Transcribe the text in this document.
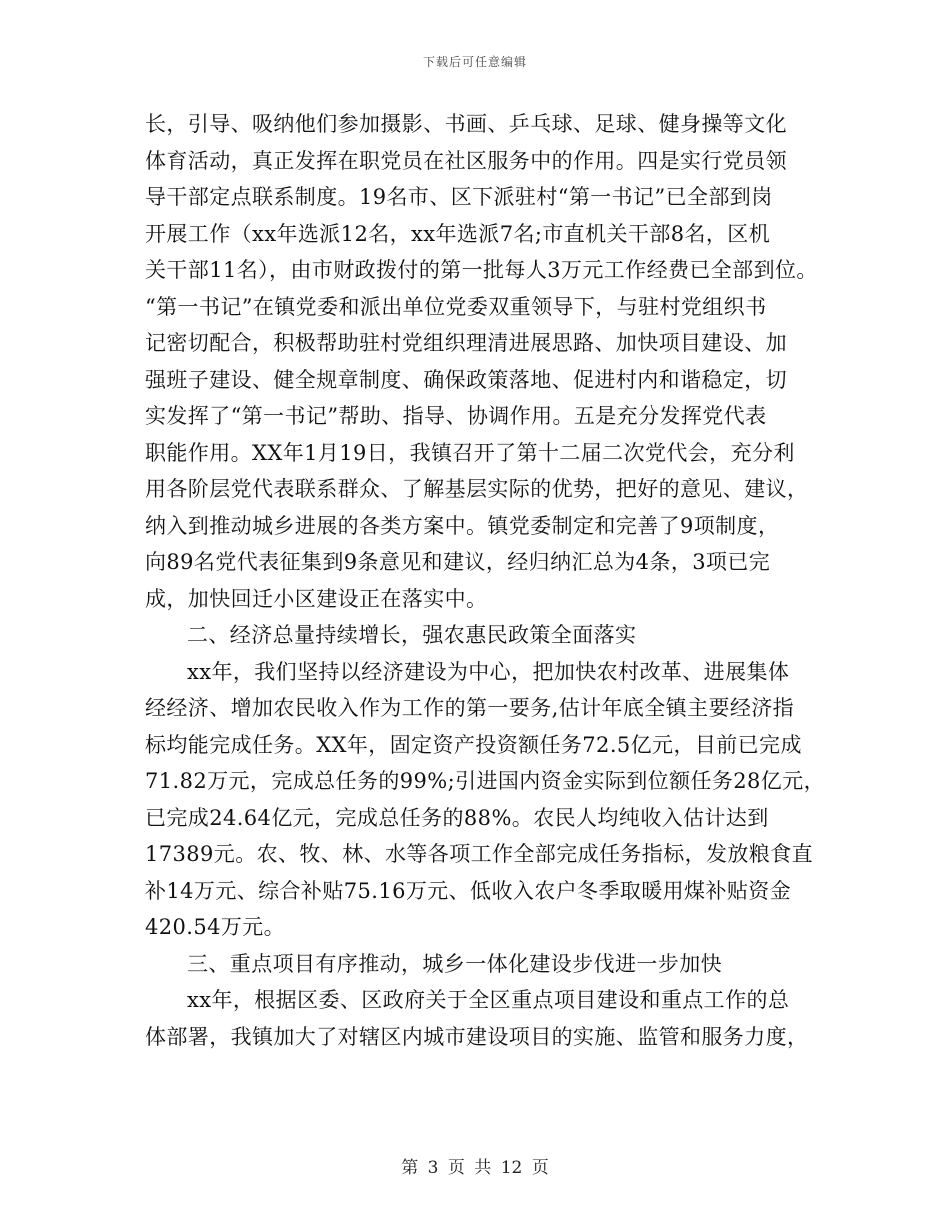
下载后可任意编辑
长，引导、吸纳他们参加摄影、书画、乒乓球、足球、健身操等文化
体育活动，真正发挥在职党员在社区服务中的作用。四是实行党员领
导干部定点联系制度。19名市、区下派驻村“第一书记”已全部到岗
开展工作（xx年选派12名，xx年选派7名;市直机关干部8名，区机
关干部11名），由市财政拨付的第一批每人3万元工作经费已全部到位。
“第一书记”在镇党委和派出单位党委双重领导下，与驻村党组织书
记密切配合，积极帮助驻村党组织理清进展思路、加快项目建设、加
强班子建设、健全规章制度、确保政策落地、促进村内和谐稳定，切
实发挥了“第一书记”帮助、指导、协调作用。五是充分发挥党代表
职能作用。XX年1月19日，我镇召开了第十二届二次党代会，充分利
用各阶层党代表联系群众、了解基层实际的优势，把好的意见、建议，
纳入到推动城乡进展的各类方案中。镇党委制定和完善了9项制度，
向89名党代表征集到9条意见和建议，经归纳汇总为4条，3项已完
成，加快回迁小区建设正在落实中。
二、经济总量持续增长，强农惠民政策全面落实
xx年，我们坚持以经济建设为中心，把加快农村改革、进展集体
经经济、增加农民收入作为工作的第一要务,估计年底全镇主要经济指
标均能完成任务。XX年，固定资产投资额任务72.5亿元，目前已完成
71.82万元，完成总任务的99%;引进国内资金实际到位额任务28亿元，
已完成24.64亿元，完成总任务的88%。农民人均纯收入估计达到
17389元。农、牧、林、水等各项工作全部完成任务指标，发放粮食直
补14万元、综合补贴75.16万元、低收入农户冬季取暖用煤补贴资金
420.54万元。
三、重点项目有序推动，城乡一体化建设步伐进一步加快
xx年，根据区委、区政府关于全区重点项目建设和重点工作的总
体部署，我镇加大了对辖区内城市建设项目的实施、监管和服务力度，
第 3 页 共 12 页
